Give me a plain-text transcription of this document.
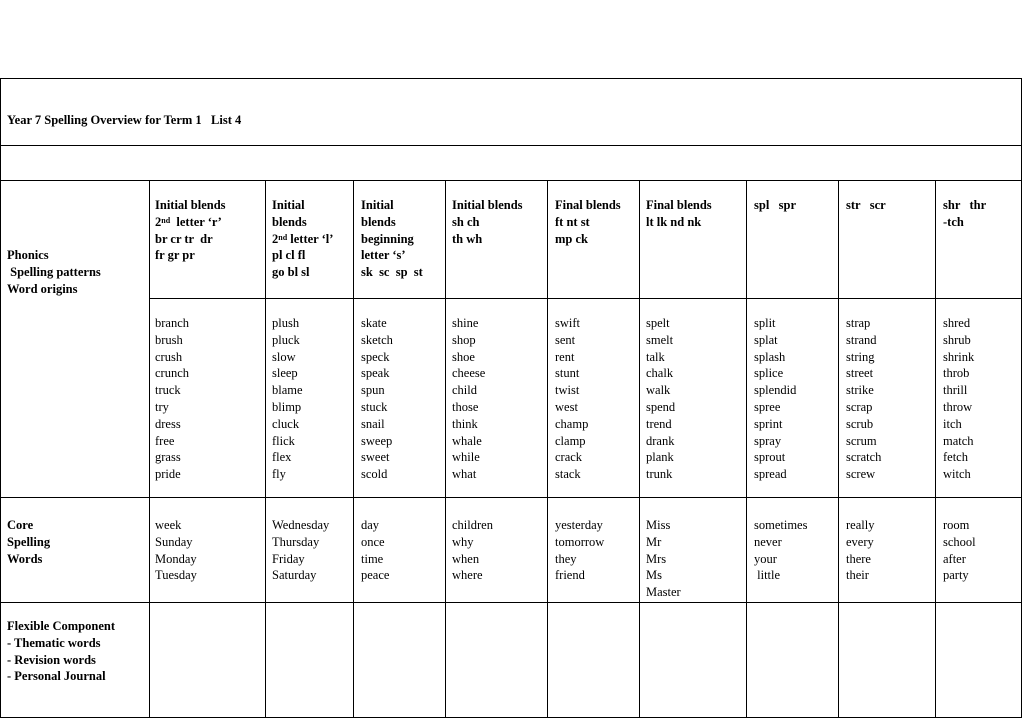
Year 7 Spelling Overview for Term 1   List 4
Phonics
Spelling patterns
Word origins
Core
Spelling
Words
Flexible Component
- Thematic words
- Revision words
- Personal Journal
Initial blends
2nd  letter ‘r’
br cr tr  dr
fr gr pr
branch
brush
crush
crunch
truck
try
dress
free
grass
pride
week
Sunday
Monday
Tuesday
Initial
blends
2nd letter ‘l’
pl cl fl
go bl sl
plush
pluck
slow
sleep
blame
blimp
cluck
flick
flex
fly
Wednesday
Thursday
Friday
Saturday
Initial
blends
beginning
letter ‘s’
sk  sc  sp  st
skate
sketch
speck
speak
spun
stuck
snail
sweep
sweet
scold
day
once
time
peace
Initial blends
sh ch
th wh
shine
shop
shoe
cheese
child
those
think
whale
while
what
children
why
when
where
Final blends
ft nt st
mp ck
swift
sent
rent
stunt
twist
west
champ
clamp
crack
stack
yesterday
tomorrow
they
friend
Final blends
lt lk nd nk
spelt
smelt
talk
chalk
walk
spend
trend
drank
plank
trunk
Miss
Mr
Mrs
Ms
Master
spl   spr
split
splat
splash
splice
splendid
spree
sprint
spray
sprout
spread
sometimes
never
your
little
str   scr
strap
strand
string
street
strike
scrap
scrub
scrum
scratch
screw
really
every
there
their
shr   thr
-tch
shred
shrub
shrink
throb
thrill
throw
itch
match
fetch
witch
room
school
after
party
